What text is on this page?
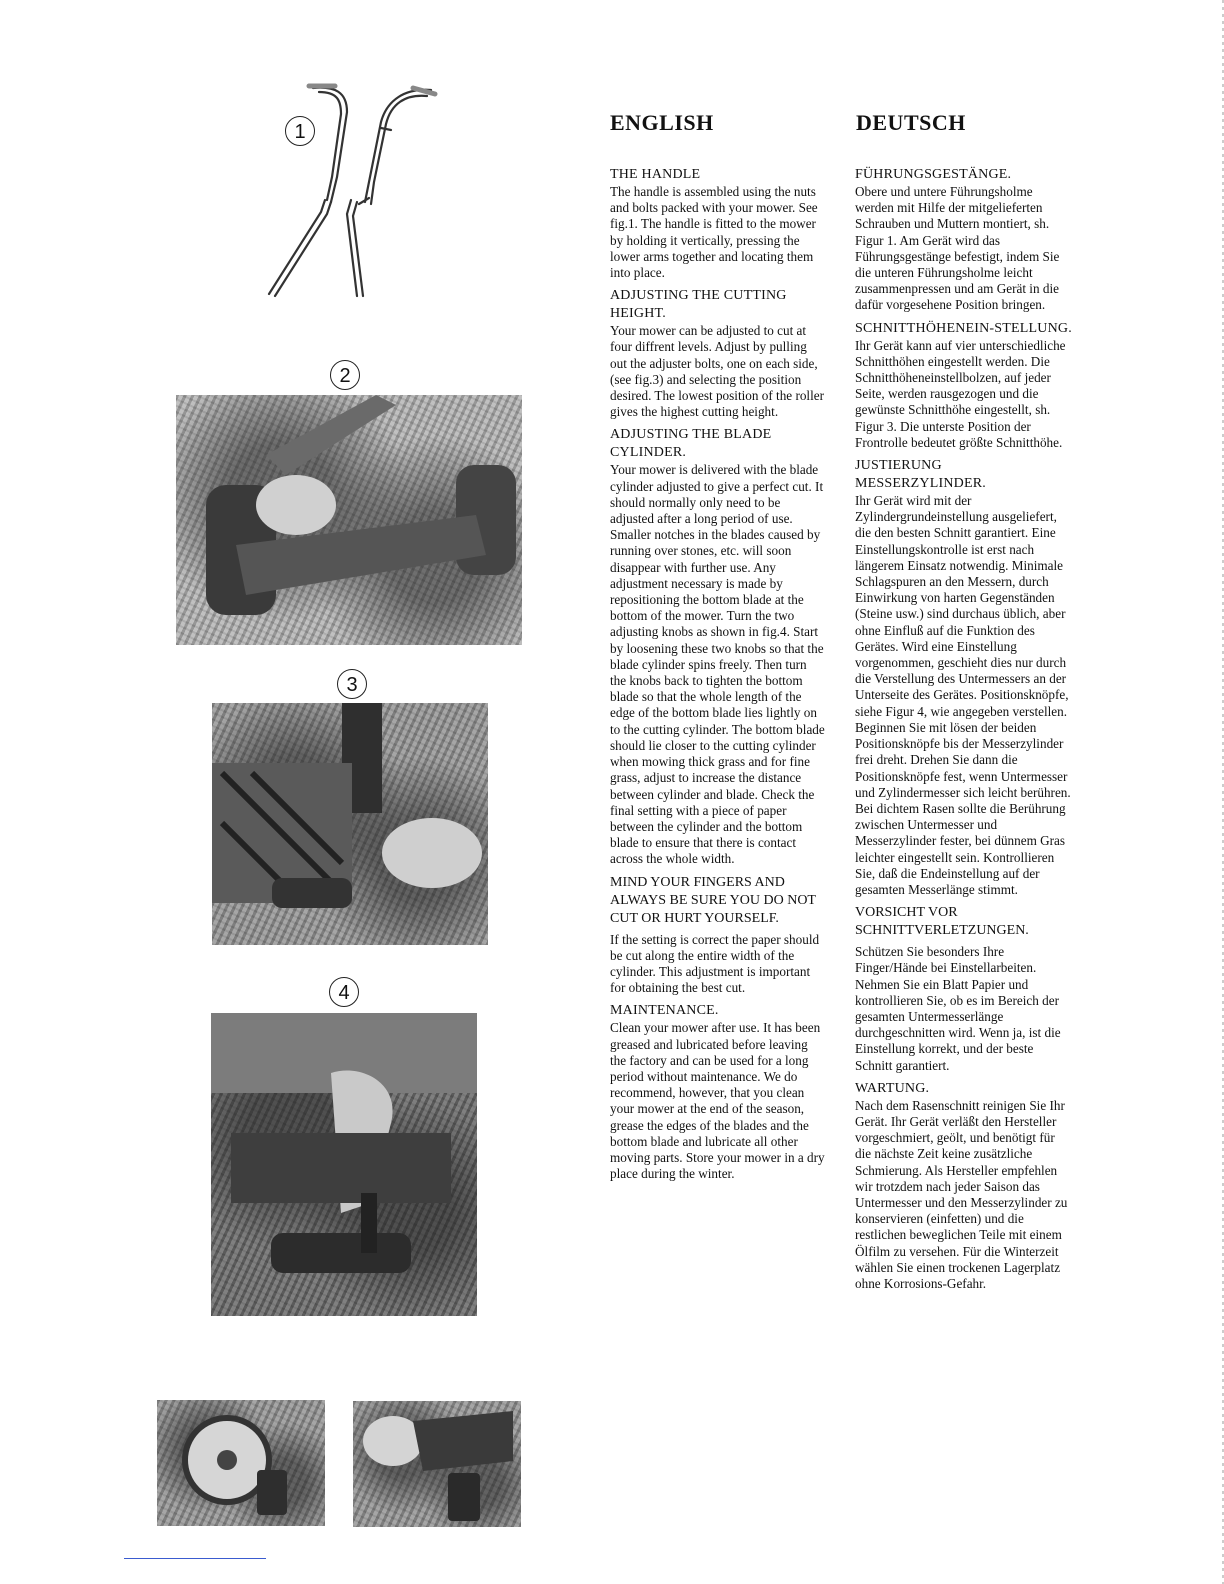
1
2
3
4
ENGLISH

THE HANDLE

The handle is assembled using the nuts and bolts packed with your mower. See fig.1. The handle is fitted to the mower by holding it vertically, pressing the lower arms together and locating them into place.

ADJUSTING THE CUTTING HEIGHT.

Your mower can be adjusted to cut at four diffrent levels. Adjust by pulling out the adjuster bolts, one on each side, (see fig.3) and selecting the position desired. The lowest position of the roller gives the highest cutting height.

ADJUSTING THE BLADE CYLINDER.

Your mower is delivered with the blade cylinder adjusted to give a perfect cut. It should normally only need to be adjusted after a long period of use. Smaller notches in the blades caused by running over stones, etc. will soon disappear with further use. Any adjustment necessary is made by repositioning the bottom blade at the bottom of the mower. Turn the two adjusting knobs as shown in fig.4. Start by loosening these two knobs so that the blade cylinder spins freely. Then turn the knobs back to tighten the bottom blade so that the whole length of the edge of the bottom blade lies lightly on to the cutting cylinder. The bottom blade should lie closer to the cutting cylinder when mowing thick grass and for fine grass, adjust to increase the distance between cylinder and blade. Check the final setting with a piece of paper between the cylinder and the bottom blade to ensure that there is contact across the whole width.

MIND YOUR FINGERS AND ALWAYS BE SURE YOU DO NOT CUT OR HURT YOURSELF.

If the setting is correct the paper should be cut along the entire width of the cylinder. This adjustment is important for obtaining the best cut.

MAINTENANCE.

Clean your mower after use. It has been greased and lubricated before leaving the factory and can be used for a long period without maintenance. We do recommend, however, that you clean your mower at the end of the season, grease the edges of the blades and the bottom blade and lubricate all other moving parts. Store your mower in a dry place during the winter.

DEUTSCH

FÜHRUNGSGESTÄNGE.

Obere und untere Führungsholme werden mit Hilfe der mitgelieferten Schrauben und Muttern montiert, sh. Figur 1. Am Gerät wird das Führungsgestänge befestigt, indem Sie die unteren Führungsholme leicht zusammenpressen und am Gerät in die dafür vorgesehene Position bringen.

SCHNITTHÖHENEIN-STELLUNG.

Ihr Gerät kann auf vier unterschiedliche Schnitthöhen eingestellt werden. Die Schnitthöheneinstellbolzen, auf jeder Seite, werden rausgezogen und die gewünste Schnitthöhe eingestellt, sh. Figur 3. Die unterste Position der Frontrolle bedeutet größte Schnitthöhe.

JUSTIERUNG MESSERZYLINDER.

Ihr Gerät wird mit der Zylindergrundeinstellung ausgeliefert, die den besten Schnitt garantiert. Eine Einstellungskontrolle ist erst nach längerem Einsatz notwendig. Minimale Schlagspuren an den Messern, durch Einwirkung von harten Gegenständen (Steine usw.) sind durchaus üblich, aber ohne Einfluß auf die Funktion des Gerätes. Wird eine Einstellung vorgenommen, geschieht dies nur durch die Verstellung des Untermessers an der Unterseite des Gerätes. Positionsknöpfe, siehe Figur 4, wie angegeben verstellen. Beginnen Sie mit lösen der beiden Positionsknöpfe bis der Messerzylinder frei dreht. Drehen Sie dann die Positionsknöpfe fest, wenn Untermesser und Zylindermesser sich leicht berühren. Bei dichtem Rasen sollte die Berührung zwischen Untermesser und Messerzylinder fester, bei dünnem Gras leichter eingestellt sein. Kontrollieren Sie, daß die Endeinstellung auf der gesamten Messerlänge stimmt.

VORSICHT VOR SCHNITTVERLETZUNGEN.

Schützen Sie besonders Ihre Finger/Hände bei Einstellarbeiten. Nehmen Sie ein Blatt Papier und kontrollieren Sie, ob es im Bereich der gesamten Untermesserlänge durchgeschnitten wird. Wenn ja, ist die Einstellung korrekt, und der beste Schnitt garantiert.

WARTUNG.

Nach dem Rasenschnitt reinigen Sie Ihr Gerät. Ihr Gerät verläßt den Hersteller vorgeschmiert, geölt, und benötigt für die nächste Zeit keine zusätzliche Schmierung. Als Hersteller empfehlen wir trotzdem nach jeder Saison das Untermesser und den Messerzylinder zu konservieren (einfetten) und die restlichen beweglichen Teile mit einem Ölfilm zu versehen. Für die Winterzeit wählen Sie einen trockenen Lagerplatz ohne Korrosions-Gefahr.
